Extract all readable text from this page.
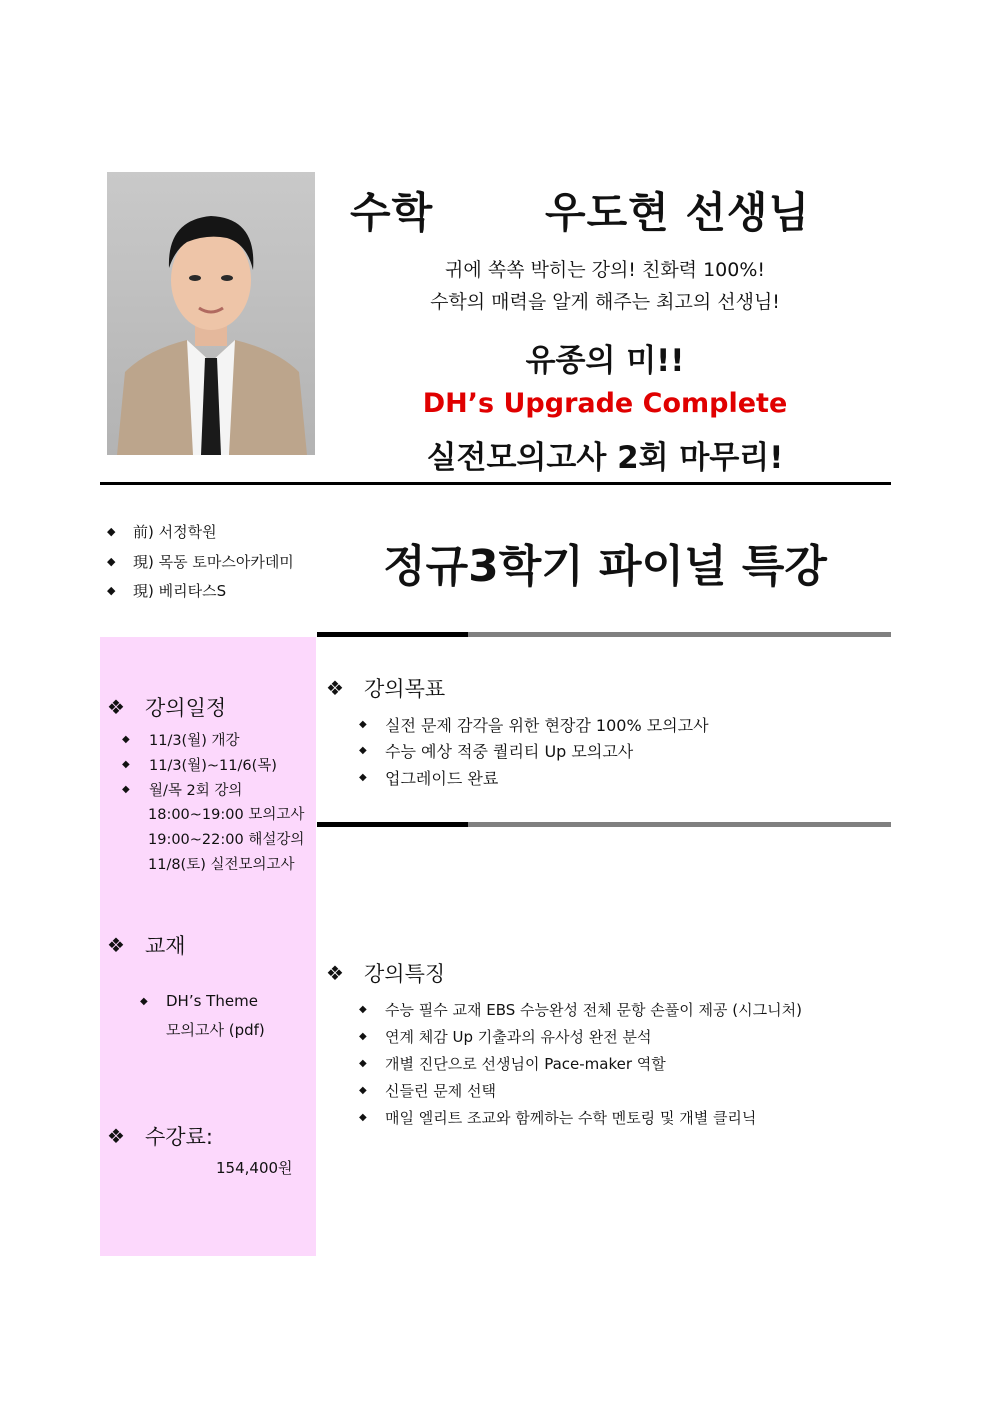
수학	우도현 선생님
귀에 쏙쏙 박히는 강의! 친화력 100%!
수학의 매력을 알게 해주는 최고의 선생님!
유종의 미!!
DH’s Upgrade Complete
실전모의고사 2회 마무리!
◆	前) 서정학원
◆	現) 목동 토마스아카데미
◆	現) 베리타스S	정규3학기 파이널 특강
❖ 강의일정
◆	11/3(월) 개강
◆	11/3(월)~11/6(목)
◆	월/목 2회 강의
18:00~19:00 모의고사
19:00~22:00 해설강의
11/8(토) 실전모의고사
❖ 교재
◆	DH’s Theme
모의고사 (pdf)
❖ 수강료:
154,400원
❖ 강의목표
◆	실전 문제 감각을 위한 현장감 100% 모의고사
◆	수능 예상 적중 퀄리티 Up 모의고사
◆	업그레이드 완료
❖ 강의특징
◆	수능 필수 교재 EBS 수능완성 전체 문항 손풀이 제공 (시그니처)
◆	연계 체감 Up 기출과의 유사성 완전 분석
◆	개별 진단으로 선생님이 Pace-maker 역할
◆	신들린 문제 선택
◆	매일 엘리트 조교와 함께하는 수학 멘토링 및 개별 클리닉
